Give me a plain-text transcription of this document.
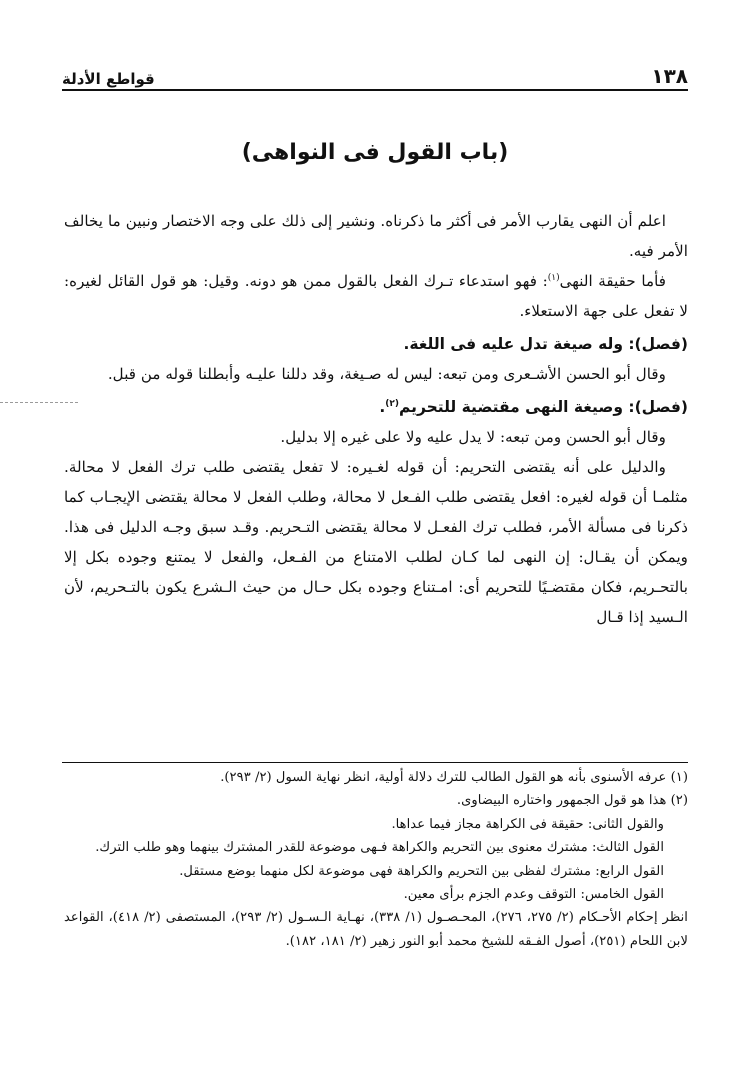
١٣٨
قواطع الأدلة
(باب القول فى النواهى)

اعلم أن النهى يقارب الأمر فى أكثر ما ذكرناه. ونشير إلى ذلك على وجه الاختصار ونبين ما يخالف الأمر فيه.

فأما حقيقة النهى$^{(١)}$: فهو استدعاء تـرك الفعل بالقول ممن هو دونه. وقيل: هو قول القائل لغيره: لا تفعل على جهة الاستعلاء.

(فصل): وله صيغة تدل عليه فى اللغة.

وقال أبو الحسن الأشـعرى ومن تبعه: ليس له صـيغة، وقد دللنا عليـه وأبطلنا قوله من قبل.

(فصل): وصيغة النهى مقتضية للتحريم$^{(٢)}$.

وقال أبو الحسن ومن تبعه: لا يدل عليه ولا على غيره إلا بدليل.

والدليل على أنه يقتضى التحريم: أن قوله لغـيره: لا تفعل يقتضى طلب ترك الفعل لا محالة. مثلمـا أن قوله لغيره: افعل يقتضى طلب الفـعل لا محالة، وطلب الفعل لا محالة يقتضى الإيجـاب كما ذكرنا فى مسألة الأمر، فطلب ترك الفعـل لا محالة يقتضى التـحريم. وقـد سبق وجـه الدليل فى هذا. ويمكن أن يقـال: إن النهى لما كـان لطلب الامتناع من الفـعل، والفعل لا يمتنع وجوده بكل إلا بالتحـريم، فكان مقتضـيًا للتحريم أى: امـتناع وجوده بكل حـال من حيث الـشرع يكون بالتـحريم، لأن الـسيد إذا قـال

(١) عرفه الأسنوى بأنه هو القول الطالب للترك دلالة أولية، انظر نهاية السول (٢/ ٢٩٣).

(٢) هذا هو قول الجمهور واختاره البيضاوى.

والقول الثانى: حقيقة فى الكراهة مجاز فيما عداها.

القول الثالث: مشترك معنوى بين التحريم والكراهة فـهى موضوعة للقدر المشترك بينهما وهو طلب الترك.

القول الرابع: مشترك لفظى بين التحريم والكراهة فهى موضوعة لكل منهما بوضع مستقل.

القول الخامس: التوقف وعدم الجزم برأى معين.

انظر إحكام الأحـكام (٢/ ٢٧٥، ٢٧٦)، المحـصـول (١/ ٣٣٨)، نهـاية الـسـول (٢/ ٢٩٣)، المستصفى (٢/ ٤١٨)، القواعد لابن اللحام (٢٥١)، أصول الفـقه للشيخ محمد أبو النور زهير (٢/ ١٨١، ١٨٢).
